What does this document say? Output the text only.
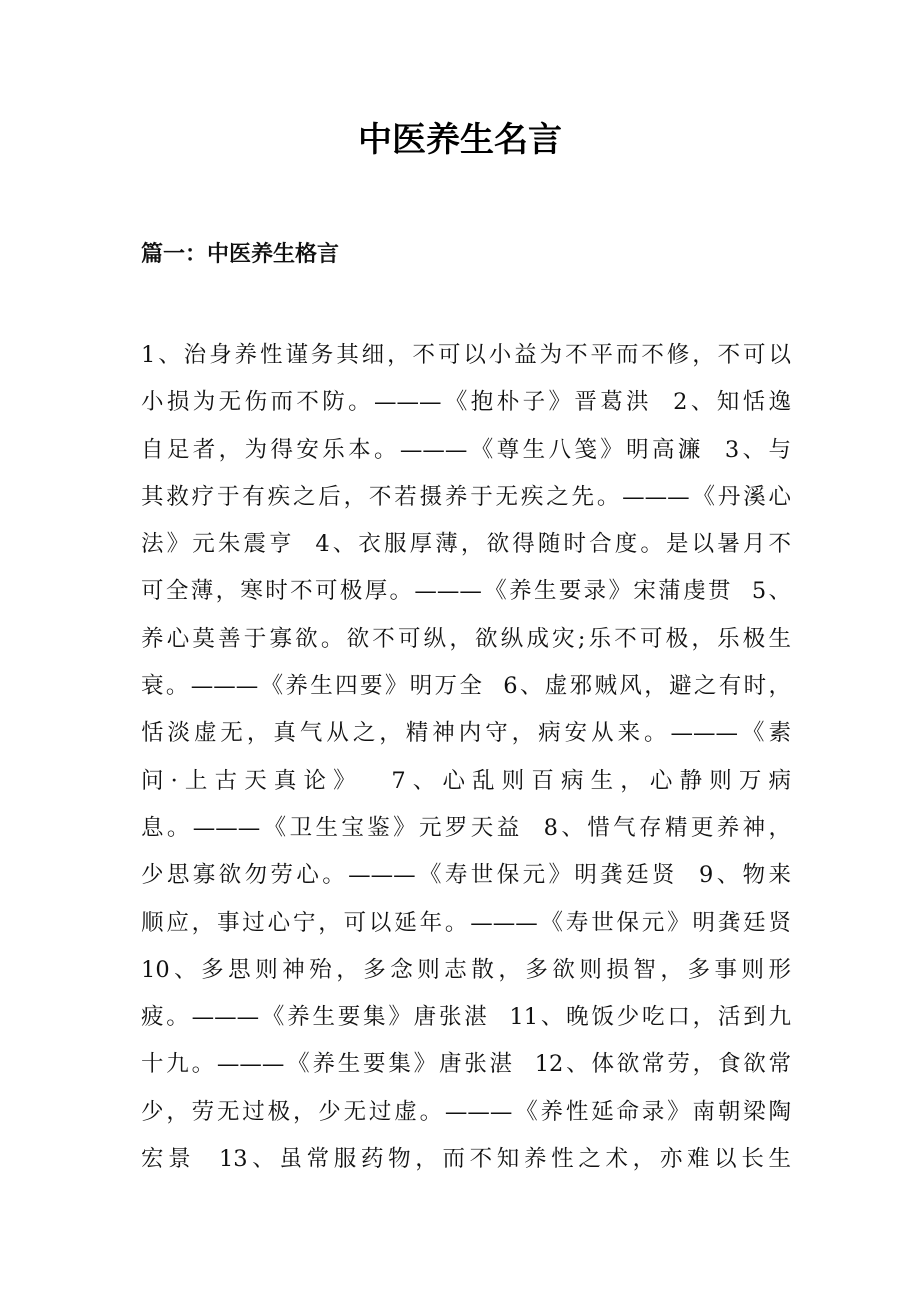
中医养生名言
篇一：中医养生格言
1、治身养性谨务其细，不可以小益为不平而不修，不可以
小损为无伤而不防。———《抱朴子》晋葛洪  2、知恬逸
自足者，为得安乐本。———《尊生八笺》明高濂  3、与
其救疗于有疾之后，不若摄养于无疾之先。———《丹溪心
法》元朱震亨  4、衣服厚薄，欲得随时合度。是以暑月不
可全薄，寒时不可极厚。———《养生要录》宋蒲虔贯  5、
养心莫善于寡欲。欲不可纵，欲纵成灾;乐不可极，乐极生
衰。———《养生四要》明万全  6、虚邪贼风，避之有时，
恬淡虚无，真气从之，精神内守，病安从来。———《素
问·上古天真论》  7、心乱则百病生，心静则万病
息。———《卫生宝鉴》元罗天益  8、惜气存精更养神，
少思寡欲勿劳心。———《寿世保元》明龚廷贤  9、物来
顺应，事过心宁，可以延年。———《寿世保元》明龚廷贤
10、多思则神殆，多念则志散，多欲则损智，多事则形
疲。———《养生要集》唐张湛  11、晚饭少吃口，活到九
十九。———《养生要集》唐张湛  12、体欲常劳，食欲常
少，劳无过极，少无过虚。———《养性延命录》南朝梁陶
宏景  13、虽常服药物，而不知养性之术，亦难以长生
